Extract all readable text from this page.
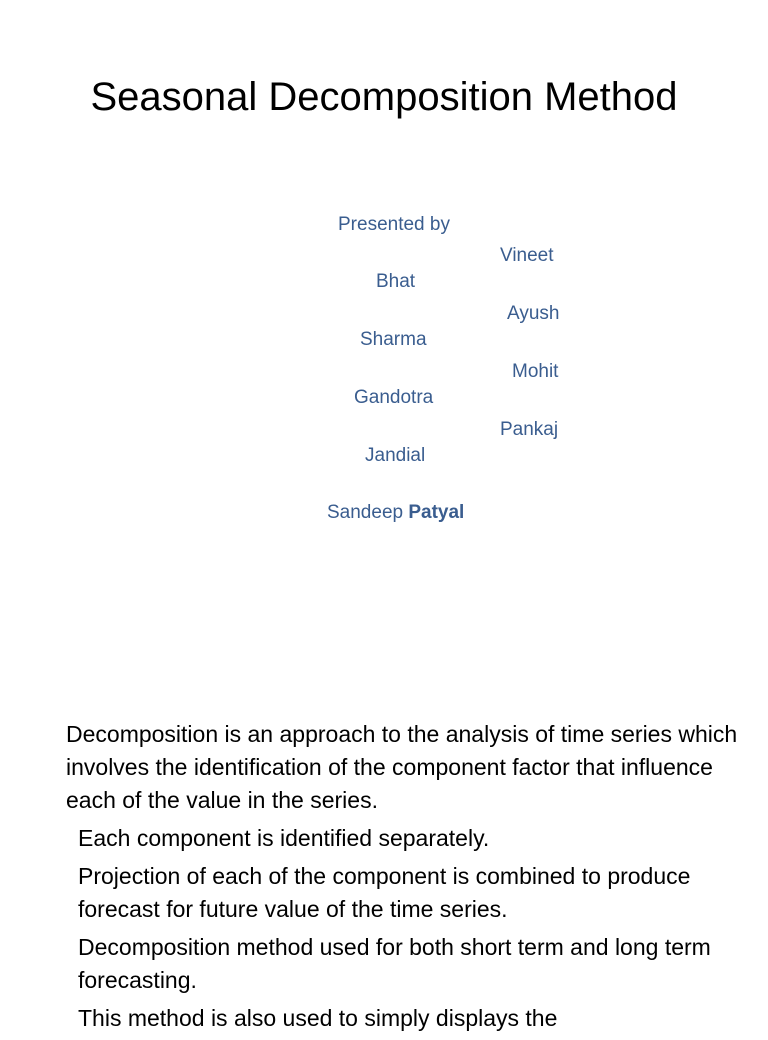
Seasonal Decomposition Method
Presented by
Vineet
Bhat
Ayush
Sharma
Mohit
Gandotra
Pankaj
Jandial
Sandeep Patyal

Decomposition is an approach to the analysis of time series which involves the identification of the component factor that influence each of the value in the series.

Each component is identified separately.

Projection of each of the component is combined to produce forecast for future value of the time series.

Decomposition method used for both short term and long term forecasting.

This method is also used to simply displays the
